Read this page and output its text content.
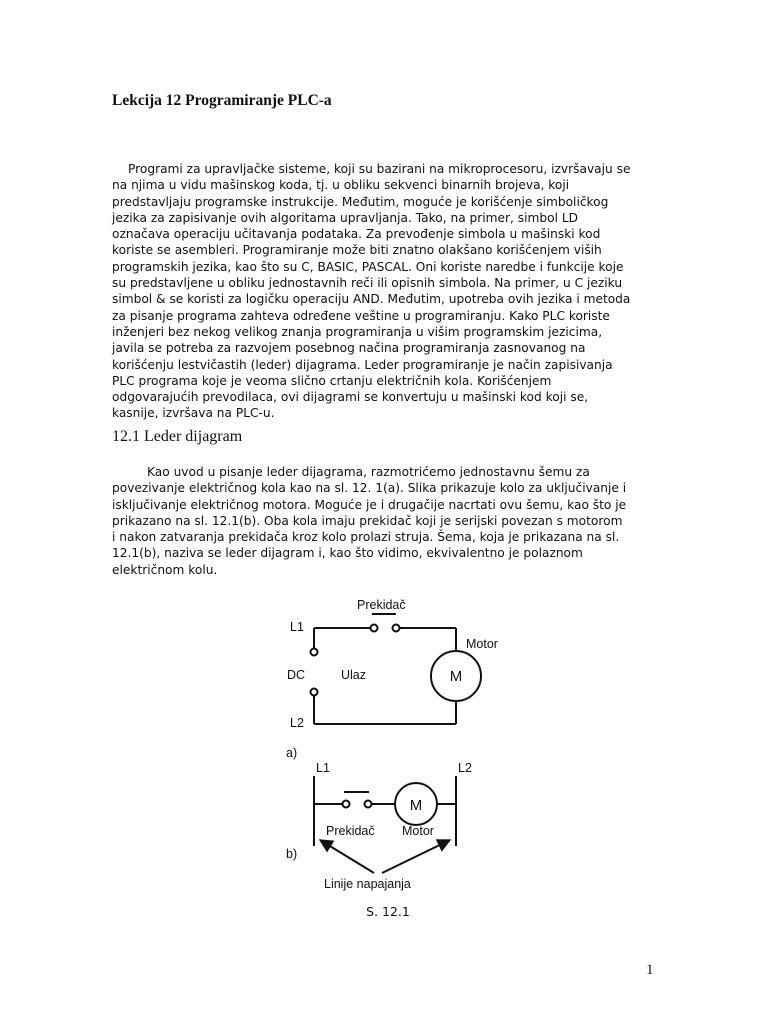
Lekcija 12 Programiranje PLC-a

Programi za upravljačke sisteme, koji su bazirani na mikroprocesoru, izvršavaju se
na njima u vidu mašinskog koda, tj. u obliku sekvenci binarnih brojeva, koji
predstavljaju programske instrukcije. Međutim, moguće je korišćenje simboličkog
jezika za zapisivanje ovih algoritama upravljanja. Tako, na primer, simbol LD
označava operaciju učitavanja podataka. Za prevođenje simbola u mašinski kod
koriste se asembleri. Programiranje može biti znatno olakšano korišćenjem viših
programskih jezika, kao što su C, BASIC, PASCAL. Oni koriste naredbe i funkcije koje
su predstavljene u obliku jednostavnih reči ili opisnih simbola. Na primer, u C jeziku
simbol & se koristi za logičku operaciju AND. Međutim, upotreba ovih jezika i metoda
za pisanje programa zahteva određene veštine u programiranju. Kako PLC koriste
inženjeri bez nekog velikog znanja programiranja u višim programskim jezicima,
javila se potreba za razvojem posebnog načina programiranja zasnovanog na
korišćenju lestvičastih (leder) dijagrama. Leder programiranje je način zapisivanja
PLC programa koje je veoma slično crtanju električnih kola. Korišćenjem
odgovarajućih prevodilaca, ovi dijagrami se konvertuju u mašinski kod koji se,
kasnije, izvršava na PLC-u.

12.1 Leder dijagram

Kao uvod u pisanje leder dijagrama, razmotrićemo jednostavnu šemu za
povezivanje električnog kola kao na sl. 12. 1(a). Slika prikazuje kolo za uključivanje i
isključivanje električnog motora. Moguće je i drugačije nacrtati ovu šemu, kao što je
prikazano na sl. 12.1(b). Oba kola imaju prekidač koji je serijski povezan s motorom
i nakon zatvaranja prekidača kroz kolo prolazi struja. Šema, koja je prikazana na sl.
12.1(b), naziva se leder dijagram i, kao što vidimo, ekvivalentno je polaznom
električnom kolu.

Prekidač
L1
Motor
DC	Ulaz	M
L2
a)
L1	L2
M
Prekidač Motor
b)
Linije napajanja
S. 12.1
1
